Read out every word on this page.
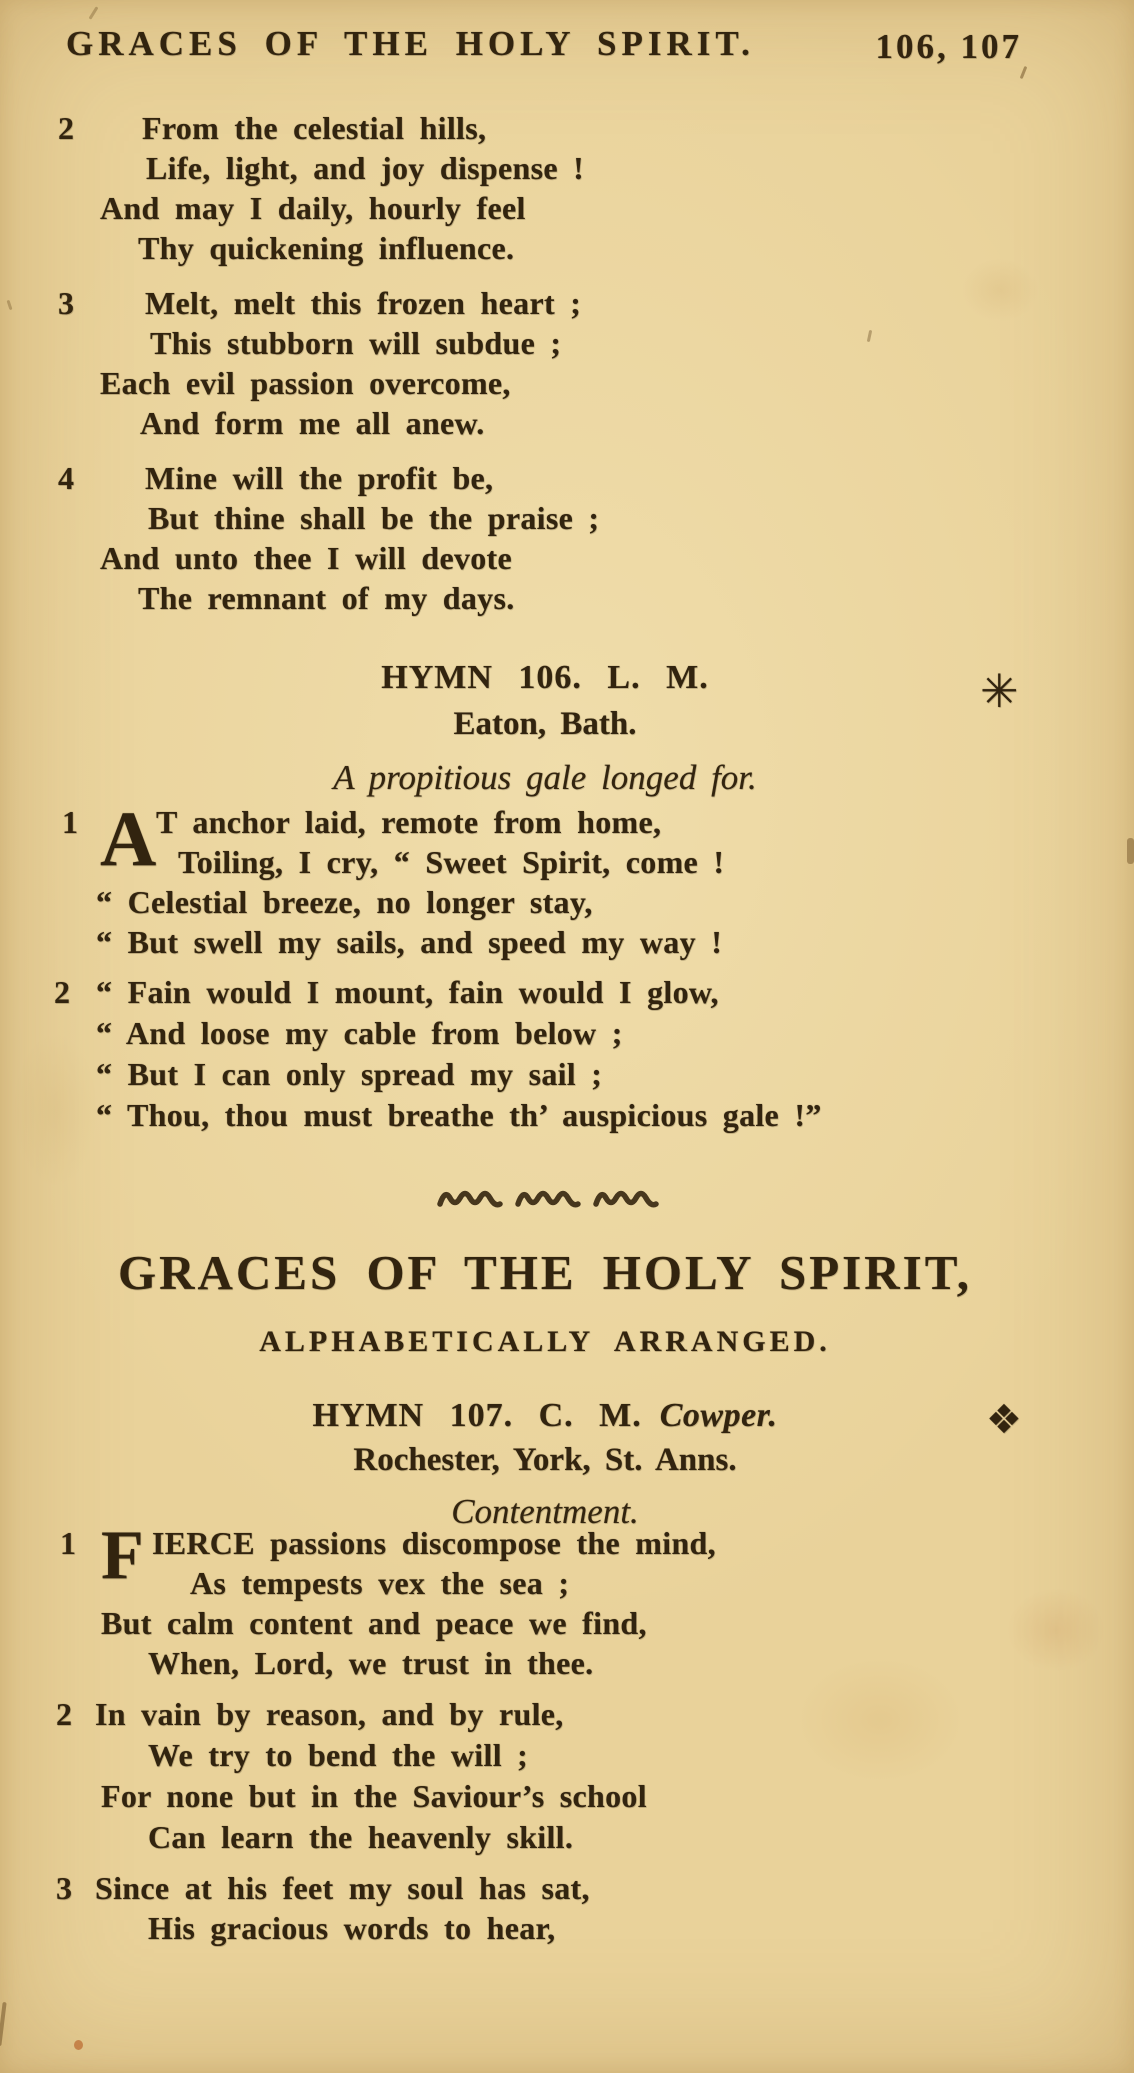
GRACES OF THE HOLY SPIRIT.	106, 107
2 From the celestial hills,
Life, light, and joy dispense !
And may I daily, hourly feel
Thy quickening influence.
3 Melt, melt this frozen heart ;
This stubborn will subdue ;
Each evil passion overcome,
And form me all anew.
4 Mine will the profit be,
But thine shall be the praise ;
And unto thee I will devote
The remnant of my days.
HYMN 106. L. M.	✳
Eaton, Bath.
A propitious gale longed for.
1 T anchor laid, remote from home,
Toiling, I cry, “ Sweet Spirit, come !
“ Celestial breeze, no longer stay,
“ But swell my sails, and speed my way !
A
2 “ Fain would I mount, fain would I glow,
“ And loose my cable from below ;
“ But I can only spread my sail ;
“ Thou, thou must breathe th’ auspicious gale !”
GRACES OF THE HOLY SPIRIT,
ALPHABETICALLY ARRANGED.
HYMN 107. C. M. Cowper.	❖
Rochester, York, St. Anns.
Contentment.
1 IERCE passions discompose the mind,
As tempests vex the sea ;
But calm content and peace we find,
When, Lord, we trust in thee.
F
2 In vain by reason, and by rule,
We try to bend the will ;
For none but in the Saviour’s school
Can learn the heavenly skill.
3 Since at his feet my soul has sat,
His gracious words to hear,
